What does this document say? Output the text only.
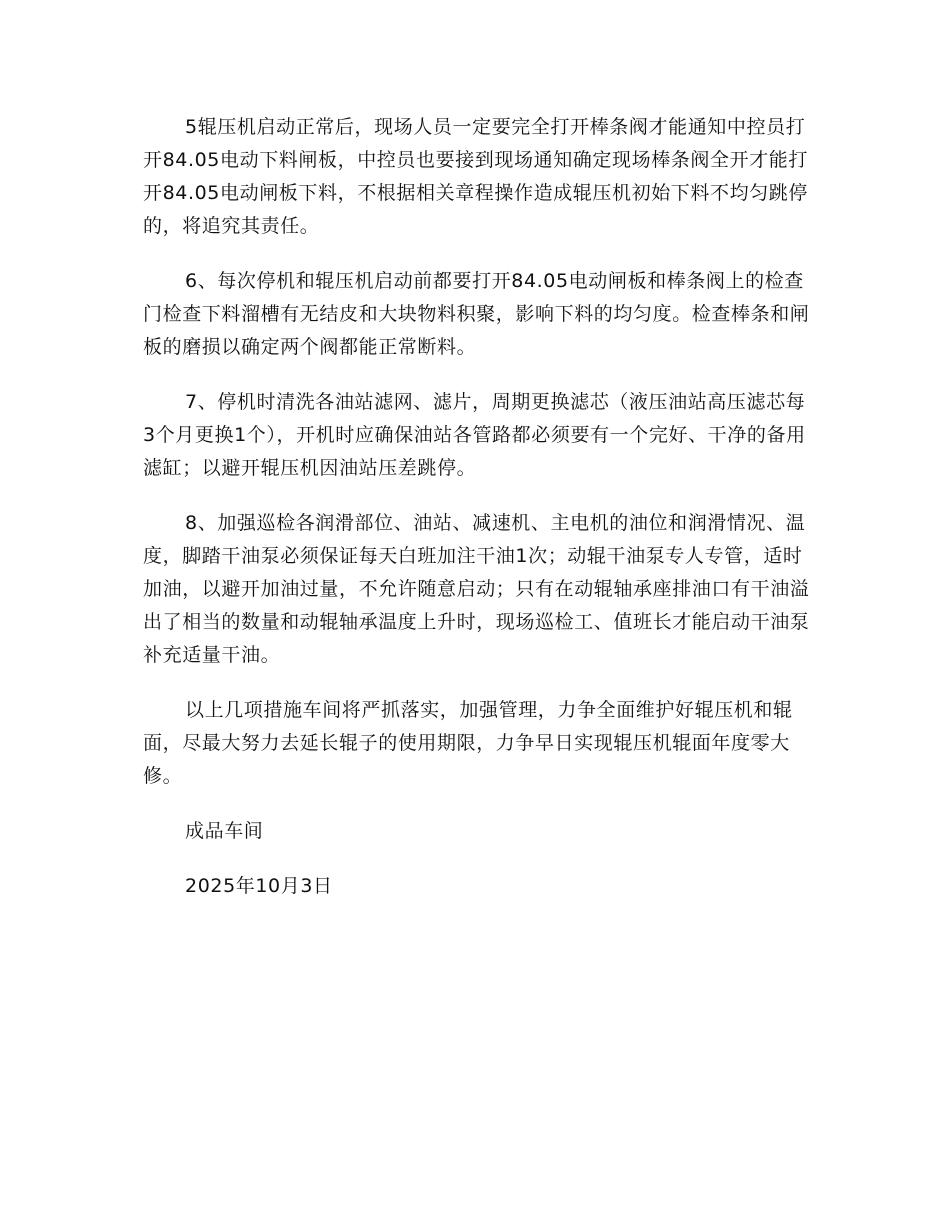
5辊压机启动正常后，现场人员一定要完全打开棒条阀才能通知中控员打开84.05电动下料闸板，中控员也要接到现场通知确定现场棒条阀全开才能打开84.05电动闸板下料，不根据相关章程操作造成辊压机初始下料不均匀跳停的，将追究其责任。

6、每次停机和辊压机启动前都要打开84.05电动闸板和棒条阀上的检查门检查下料溜槽有无结皮和大块物料积聚，影响下料的均匀度。检查棒条和闸板的磨损以确定两个阀都能正常断料。

7、停机时清洗各油站滤网、滤片，周期更换滤芯（液压油站高压滤芯每3个月更换1个），开机时应确保油站各管路都必须要有一个完好、干净的备用滤缸；以避开辊压机因油站压差跳停。

8、加强巡检各润滑部位、油站、减速机、主电机的油位和润滑情况、温度，脚踏干油泵必须保证每天白班加注干油1次；动辊干油泵专人专管，适时加油，以避开加油过量，不允许随意启动；只有在动辊轴承座排油口有干油溢出了相当的数量和动辊轴承温度上升时，现场巡检工、值班长才能启动干油泵补充适量干油。

以上几项措施车间将严抓落实，加强管理，力争全面维护好辊压机和辊面，尽最大努力去延长辊子的使用期限，力争早日实现辊压机辊面年度零大修。

成品车间

2025年10月3日
